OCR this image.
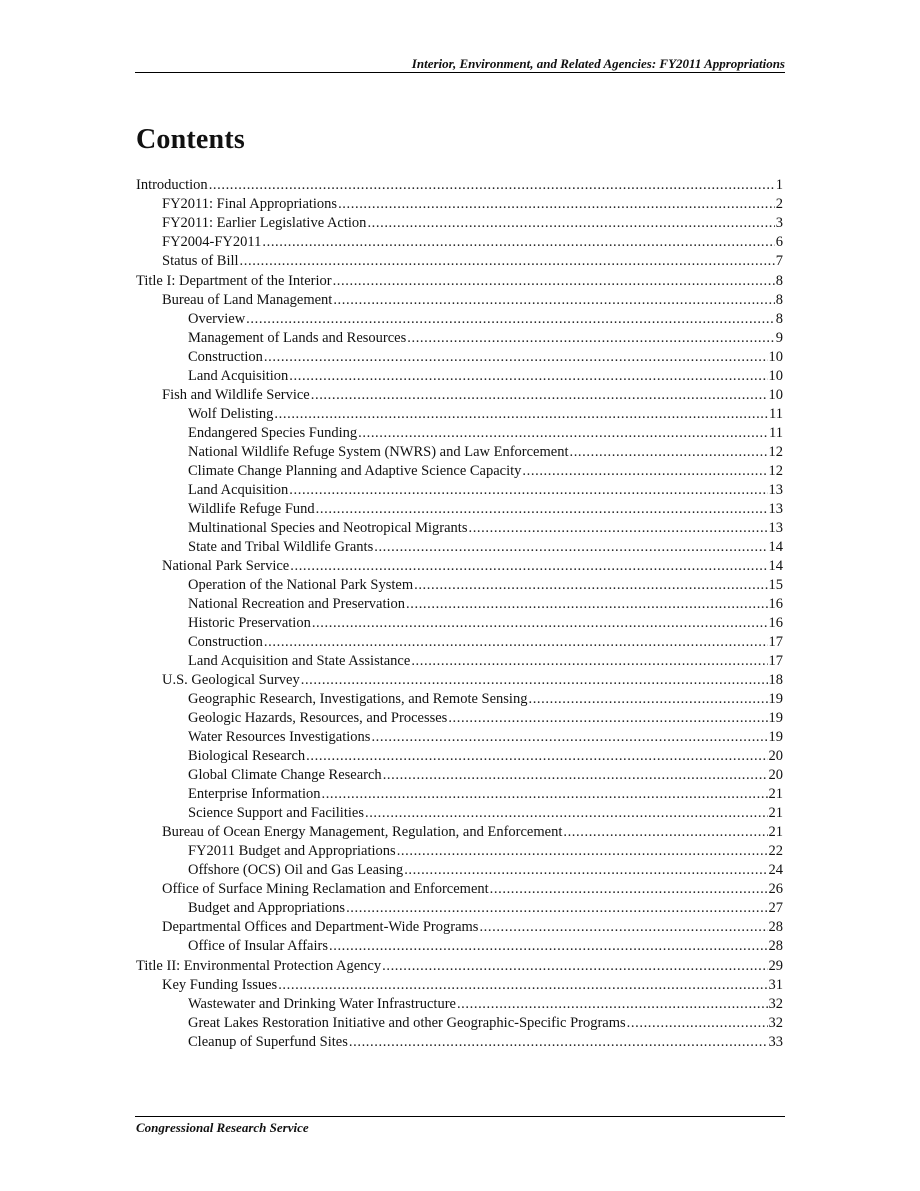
Interior, Environment, and Related Agencies: FY2011 Appropriations
Contents
Introduction .....	1
FY2011: Final Appropriations .....	2
FY2011: Earlier Legislative Action .....	3
FY2004-FY2011 .....	6
Status of Bill .....	7
Title I: Department of the Interior .....	8
Bureau of Land Management .....	8
Overview .....	8
Management of Lands and Resources .....	9
Construction .....	10
Land Acquisition .....	10
Fish and Wildlife Service .....	10
Wolf Delisting .....	11
Endangered Species Funding .....	11
National Wildlife Refuge System (NWRS) and Law Enforcement .....	12
Climate Change Planning and Adaptive Science Capacity .....	12
Land Acquisition .....	13
Wildlife Refuge Fund .....	13
Multinational Species and Neotropical Migrants .....	13
State and Tribal Wildlife Grants .....	14
National Park Service .....	14
Operation of the National Park System .....	15
National Recreation and Preservation .....	16
Historic Preservation .....	16
Construction .....	17
Land Acquisition and State Assistance .....	17
U.S. Geological Survey .....	18
Geographic Research, Investigations, and Remote Sensing .....	19
Geologic Hazards, Resources, and Processes .....	19
Water Resources Investigations .....	19
Biological Research .....	20
Global Climate Change Research .....	20
Enterprise Information .....	21
Science Support and Facilities .....	21
Bureau of Ocean Energy Management, Regulation, and Enforcement .....	21
FY2011 Budget and Appropriations .....	22
Offshore (OCS) Oil and Gas Leasing .....	24
Office of Surface Mining Reclamation and Enforcement .....	26
Budget and Appropriations .....	27
Departmental Offices and Department-Wide Programs .....	28
Office of Insular Affairs .....	28
Title II: Environmental Protection Agency .....	29
Key Funding Issues .....	31
Wastewater and Drinking Water Infrastructure .....	32
Great Lakes Restoration Initiative and other Geographic-Specific Programs .....	32
Cleanup of Superfund Sites .....	33
Congressional Research Service
